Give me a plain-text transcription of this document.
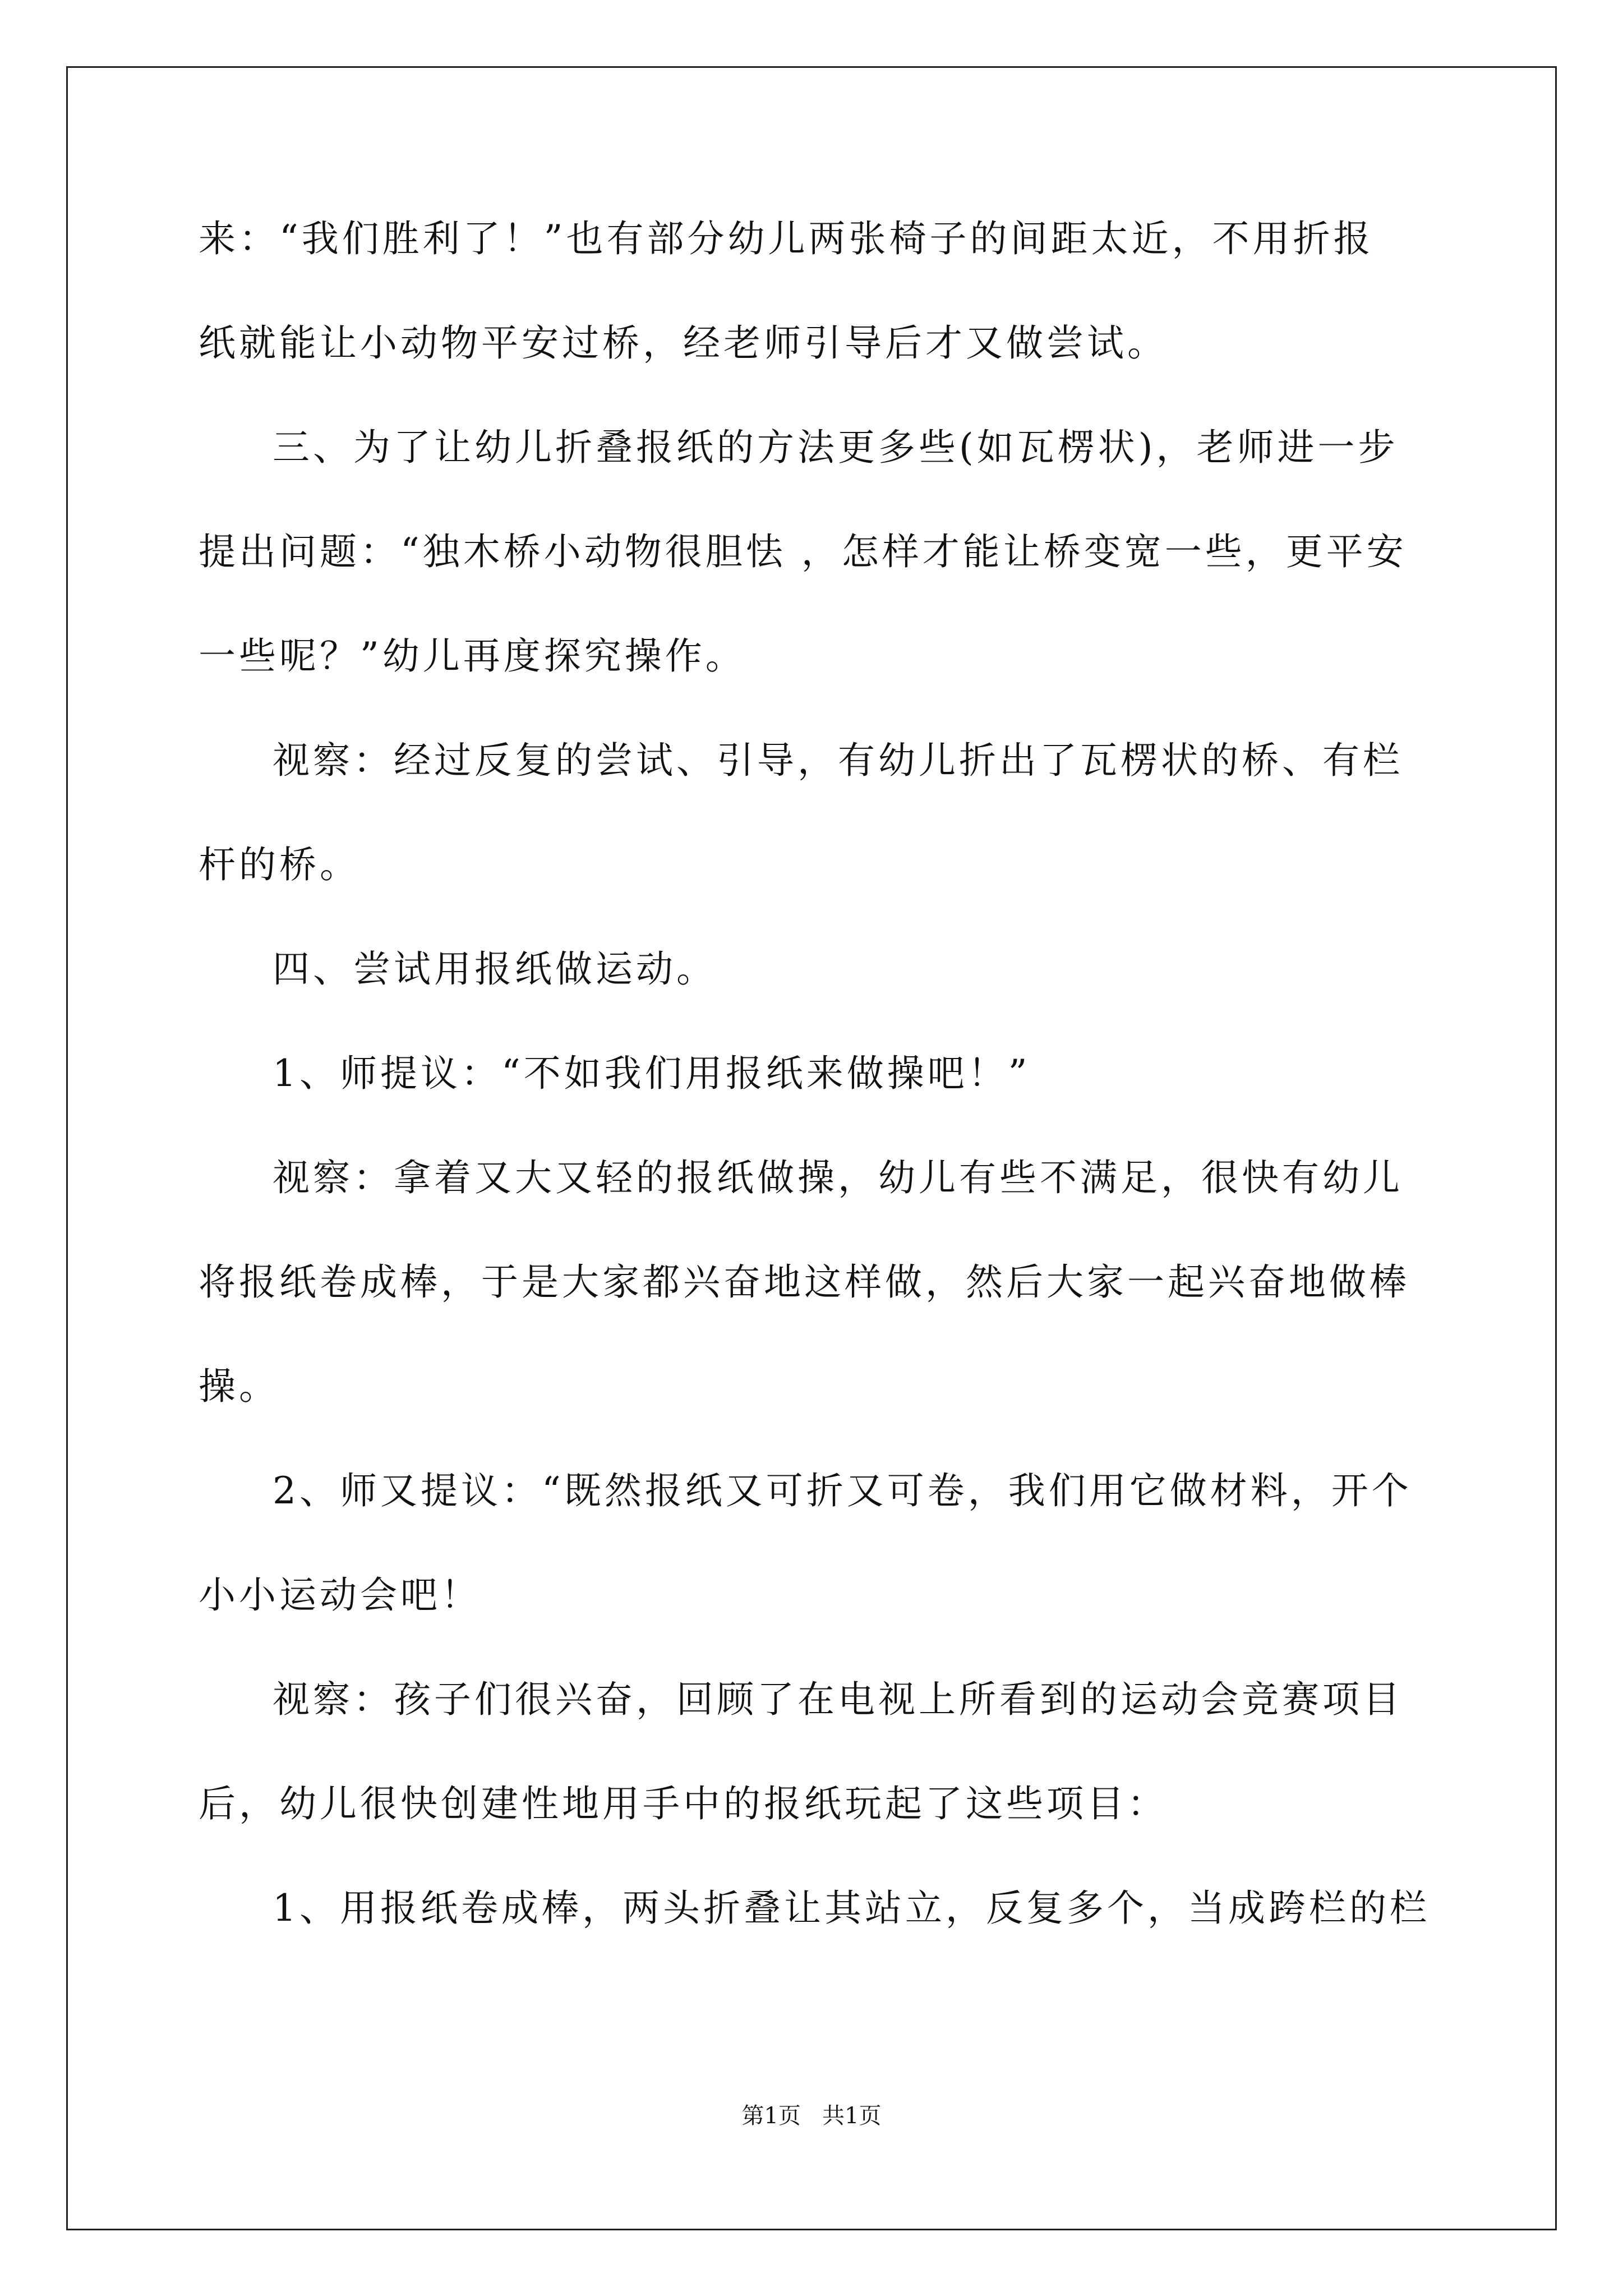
来：“我们胜利了！”也有部分幼儿两张椅子的间距太近，不用折报
纸就能让小动物平安过桥，经老师引导后才又做尝试。
三、为了让幼儿折叠报纸的方法更多些(如瓦楞状)，老师进一步
提出问题：“独木桥小动物很胆怯 ，怎样才能让桥变宽一些，更平安
一些呢？”幼儿再度探究操作。
视察：经过反复的尝试、引导，有幼儿折出了瓦楞状的桥、有栏
杆的桥。
四、尝试用报纸做运动。
1、师提议：“不如我们用报纸来做操吧！”
视察：拿着又大又轻的报纸做操，幼儿有些不满足，很快有幼儿
将报纸卷成棒，于是大家都兴奋地这样做，然后大家一起兴奋地做棒
操。
2、师又提议：“既然报纸又可折又可卷，我们用它做材料，开个
小小运动会吧！
视察：孩子们很兴奋，回顾了在电视上所看到的运动会竞赛项目
后，幼儿很快创建性地用手中的报纸玩起了这些项目：
1、用报纸卷成棒，两头折叠让其站立，反复多个，当成跨栏的栏
第1页   共1页
